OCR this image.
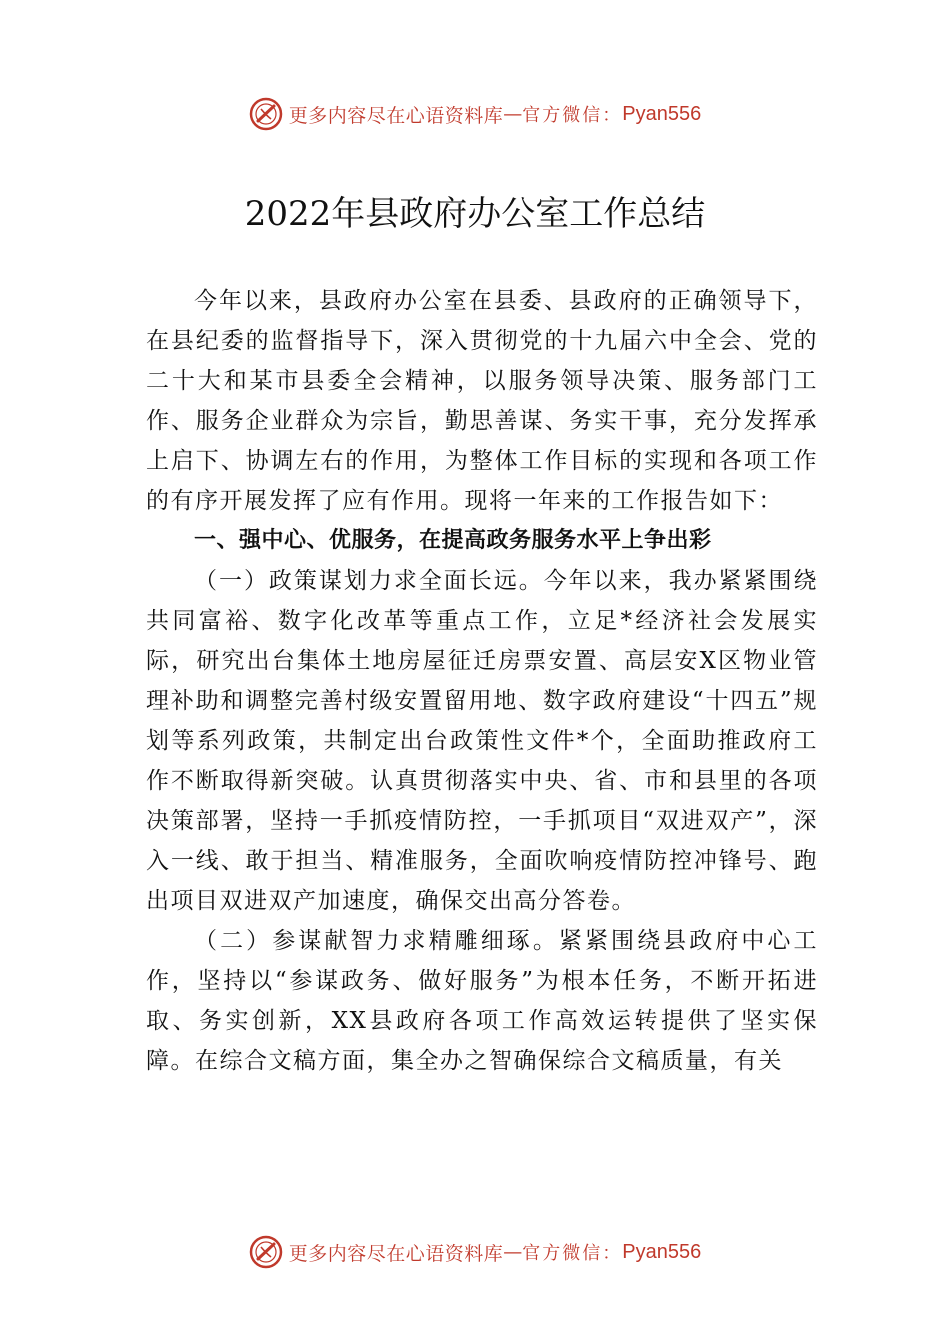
更多内容尽在心语资料库 — 官方微信： Pyan556
2022年县政府办公室工作总结

今年以来，县政府办公室在县委、县政府的正确领导下，在县纪委的监督指导下，深入贯彻党的十九届六中全会、党的二十大和某市县委全会精神，以服务领导决策、服务部门工作、服务企业群众为宗旨，勤思善谋、务实干事，充分发挥承上启下、协调左右的作用，为整体工作目标的实现和各项工作的有序开展发挥了应有作用。现将一年来的工作报告如下：

一、强中心、优服务，在提高政务服务水平上争出彩

（一）政策谋划力求全面长远。今年以来，我办紧紧围绕共同富裕、数字化改革等重点工作，立足*经济社会发展实际，研究出台集体土地房屋征迁房票安置、高层安X区物业管理补助和调整完善村级安置留用地、数字政府建设“十四五”规划等系列政策，共制定出台政策性文件*个，全面助推政府工作不断取得新突破。认真贯彻落实中央、省、市和县里的各项决策部署，坚持一手抓疫情防控，一手抓项目“双进双产”，深入一线、敢于担当、精准服务，全面吹响疫情防控冲锋号、跑出项目双进双产加速度，确保交出高分答卷。

（二）参谋献智力求精雕细琢。紧紧围绕县政府中心工作，坚持以“参谋政务、做好服务”为根本任务，不断开拓进取、务实创新，XX县政府各项工作高效运转提供了坚实保障。在综合文稿方面，集全办之智确保综合文稿质量，有关

更多内容尽在心语资料库 — 官方微信： Pyan556
